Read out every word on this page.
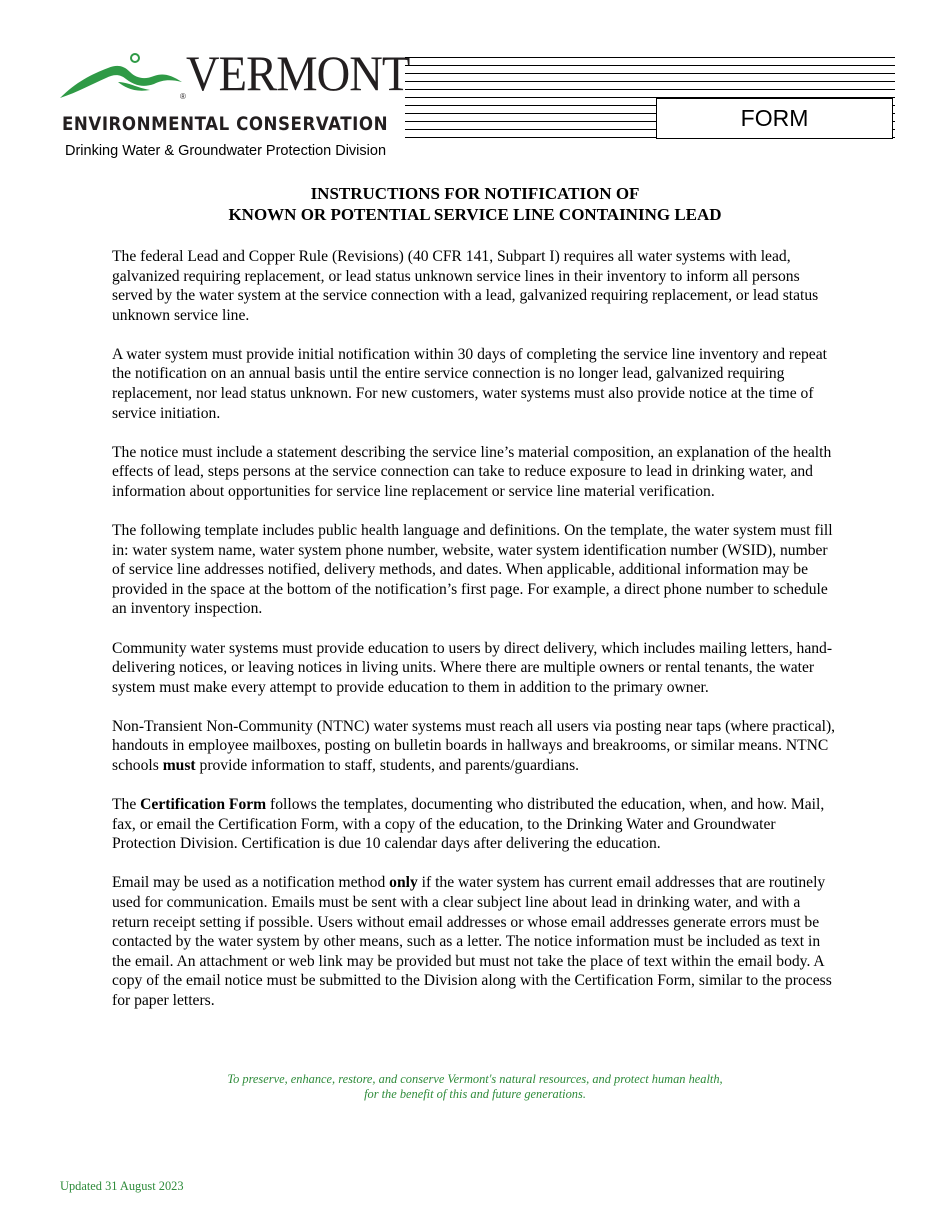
® VERMONT
ENVIRONMENTAL CONSERVATION
Drinking Water & Groundwater Protection Division
FORM
INSTRUCTIONS FOR NOTIFICATION OF
KNOWN OR POTENTIAL SERVICE LINE CONTAINING LEAD

The federal Lead and Copper Rule (Revisions) (40 CFR 141, Subpart I) requires all water systems with lead, galvanized requiring replacement, or lead status unknown service lines in their inventory to inform all persons served by the water system at the service connection with a lead, galvanized requiring replacement, or lead status unknown service line.

A water system must provide initial notification within 30 days of completing the service line inventory and repeat the notification on an annual basis until the entire service connection is no longer lead, galvanized requiring replacement, nor lead status unknown. For new customers, water systems must also provide notice at the time of service initiation.

The notice must include a statement describing the service line’s material composition, an explanation of the health effects of lead, steps persons at the service connection can take to reduce exposure to lead in drinking water, and information about opportunities for service line replacement or service line material verification.

The following template includes public health language and definitions. On the template, the water system must fill in: water system name, water system phone number, website, water system identification number (WSID), number of service line addresses notified, delivery methods, and dates. When applicable, additional information may be provided in the space at the bottom of the notification’s first page. For example, a direct phone number to schedule an inventory inspection.

Community water systems must provide education to users by direct delivery, which includes mailing letters, hand-delivering notices, or leaving notices in living units. Where there are multiple owners or rental tenants, the water system must make every attempt to provide education to them in addition to the primary owner.

Non-Transient Non-Community (NTNC) water systems must reach all users via posting near taps (where practical), handouts in employee mailboxes, posting on bulletin boards in hallways and breakrooms, or similar means. NTNC schools must provide information to staff, students, and parents/guardians.

The Certification Form follows the templates, documenting who distributed the education, when, and how. Mail, fax, or email the Certification Form, with a copy of the education, to the Drinking Water and Groundwater Protection Division. Certification is due 10 calendar days after delivering the education.

Email may be used as a notification method only if the water system has current email addresses that are routinely used for communication. Emails must be sent with a clear subject line about lead in drinking water, and with a return receipt setting if possible. Users without email addresses or whose email addresses generate errors must be contacted by the water system by other means, such as a letter. The notice information must be included as text in the email. An attachment or web link may be provided but must not take the place of text within the email body. A copy of the email notice must be submitted to the Division along with the Certification Form, similar to the process for paper letters.

To preserve, enhance, restore, and conserve Vermont's natural resources, and protect human health,
for the benefit of this and future generations.
Updated 31 August 2023
